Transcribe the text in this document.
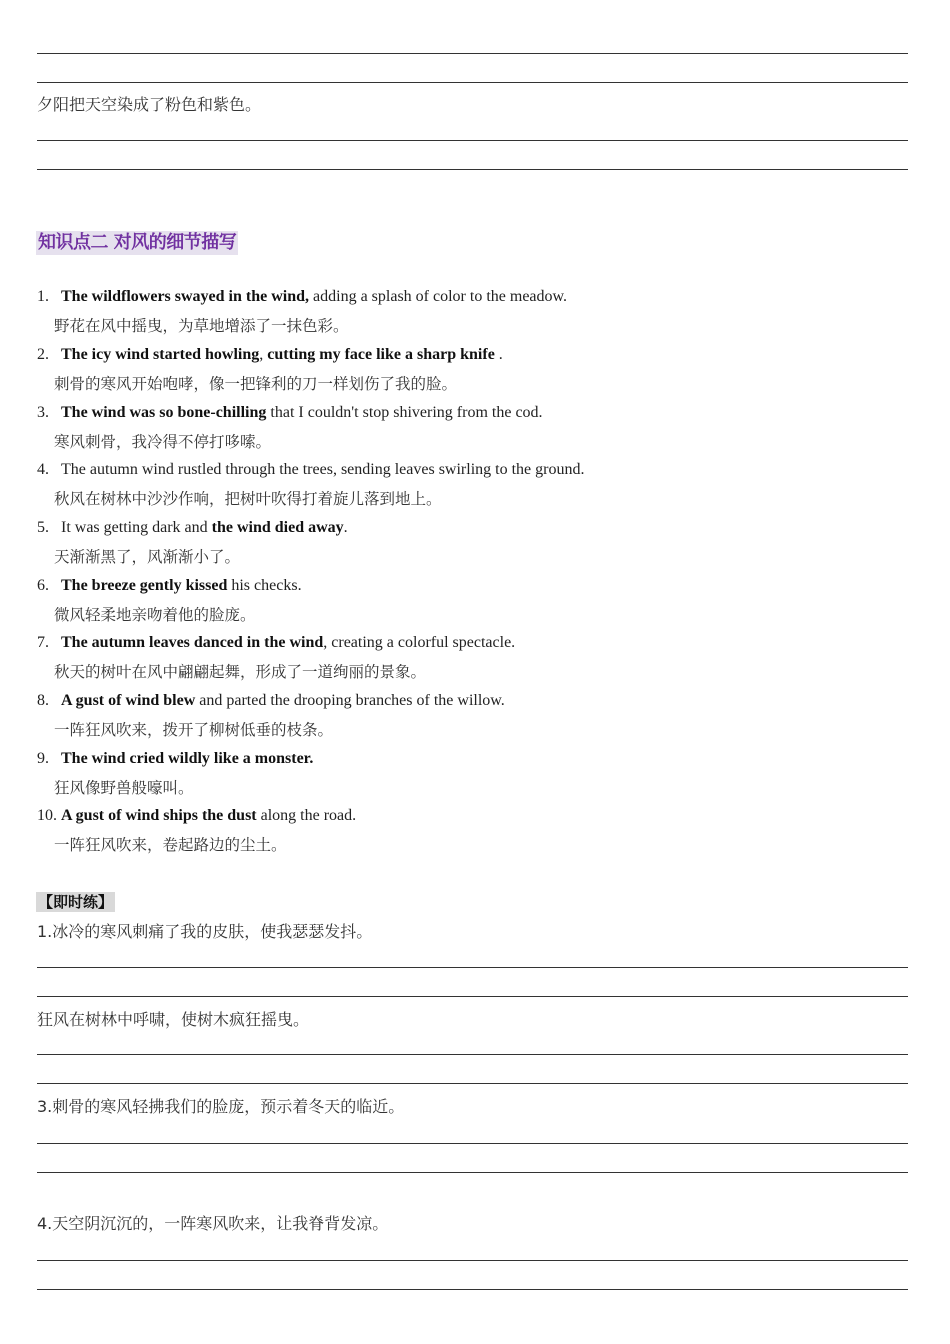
夕阳把天空染成了粉色和紫色。
知识点二 对风的细节描写
1. The wildflowers swayed in the wind, adding a splash of color to the meadow.
野花在风中摇曳，为草地增添了一抹色彩。
2. The icy wind started howling, cutting my face like a sharp knife .
刺骨的寒风开始咆哮，像一把锋利的刀一样划伤了我的脸。
3. The wind was so bone-chilling that I couldn't stop shivering from the cod.
寒风刺骨，我冷得不停打哆嗦。
4. The autumn wind rustled through the trees, sending leaves swirling to the ground.
秋风在树林中沙沙作响，把树叶吹得打着旋儿落到地上。
5. It was getting dark and the wind died away.
天渐渐黑了，风渐渐小了。
6. The breeze gently kissed his checks.
微风轻柔地亲吻着他的脸庞。
7. The autumn leaves danced in the wind, creating a colorful spectacle.
秋天的树叶在风中翩翩起舞，形成了一道绚丽的景象。
8. A gust of wind blew and parted the drooping branches of the willow.
一阵狂风吹来，拨开了柳树低垂的枝条。
9. The wind cried wildly like a monster.
狂风像野兽般嚎叫。
10. A gust of wind ships the dust along the road.
一阵狂风吹来，卷起路边的尘土。
【即时练】
1.冰冷的寒风刺痛了我的皮肤，使我瑟瑟发抖。
狂风在树林中呼啸，使树木疯狂摇曳。
3.刺骨的寒风轻拂我们的脸庞，预示着冬天的临近。
4.天空阴沉沉的，一阵寒风吹来，让我脊背发凉。
